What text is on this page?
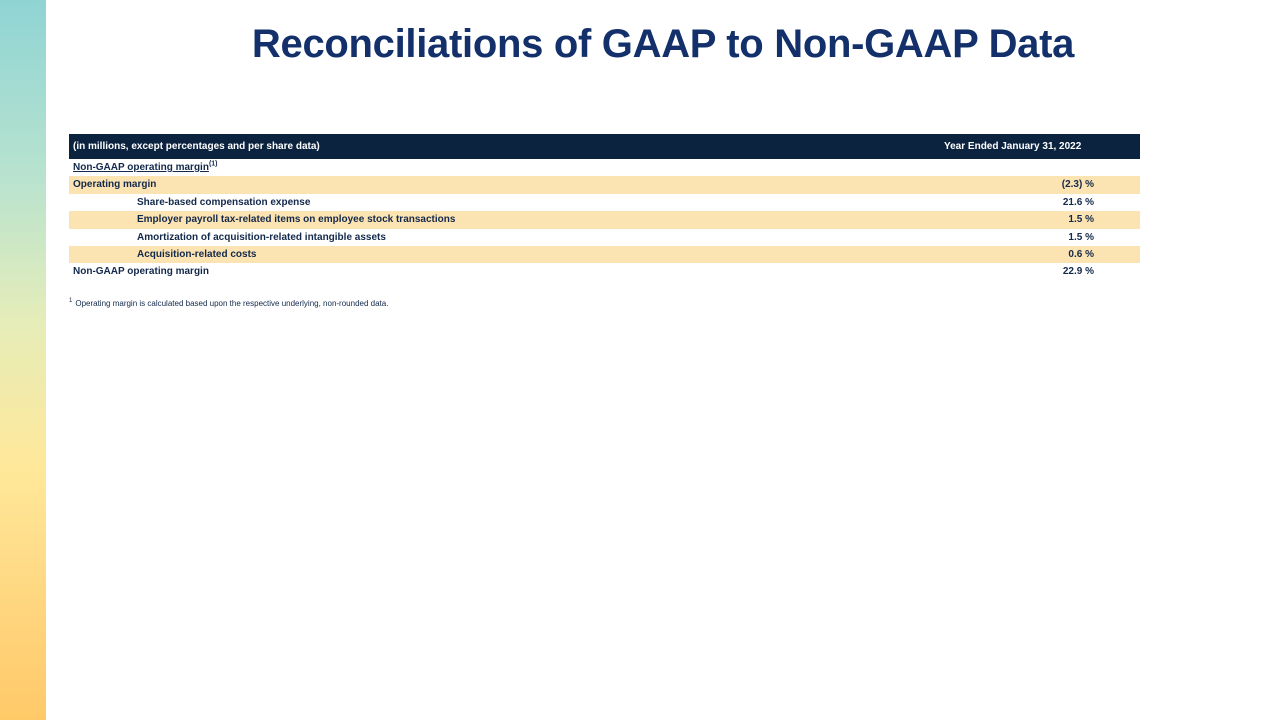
Reconciliations of GAAP to Non-GAAP Data
(in millions, except percentages and per share data)	Year Ended January 31, 2022
Non-GAAP operating margin$^{(1)}$
Operating margin	(2.3) %
Share-based compensation expense	21.6 %
Employer payroll tax-related items on employee stock transactions	1.5 %
Amortization of acquisition-related intangible assets	1.5 %
Acquisition-related costs	0.6 %
Non-GAAP operating margin	22.9 %
$^1$ Operating margin is calculated based upon the respective underlying, non-rounded data.
